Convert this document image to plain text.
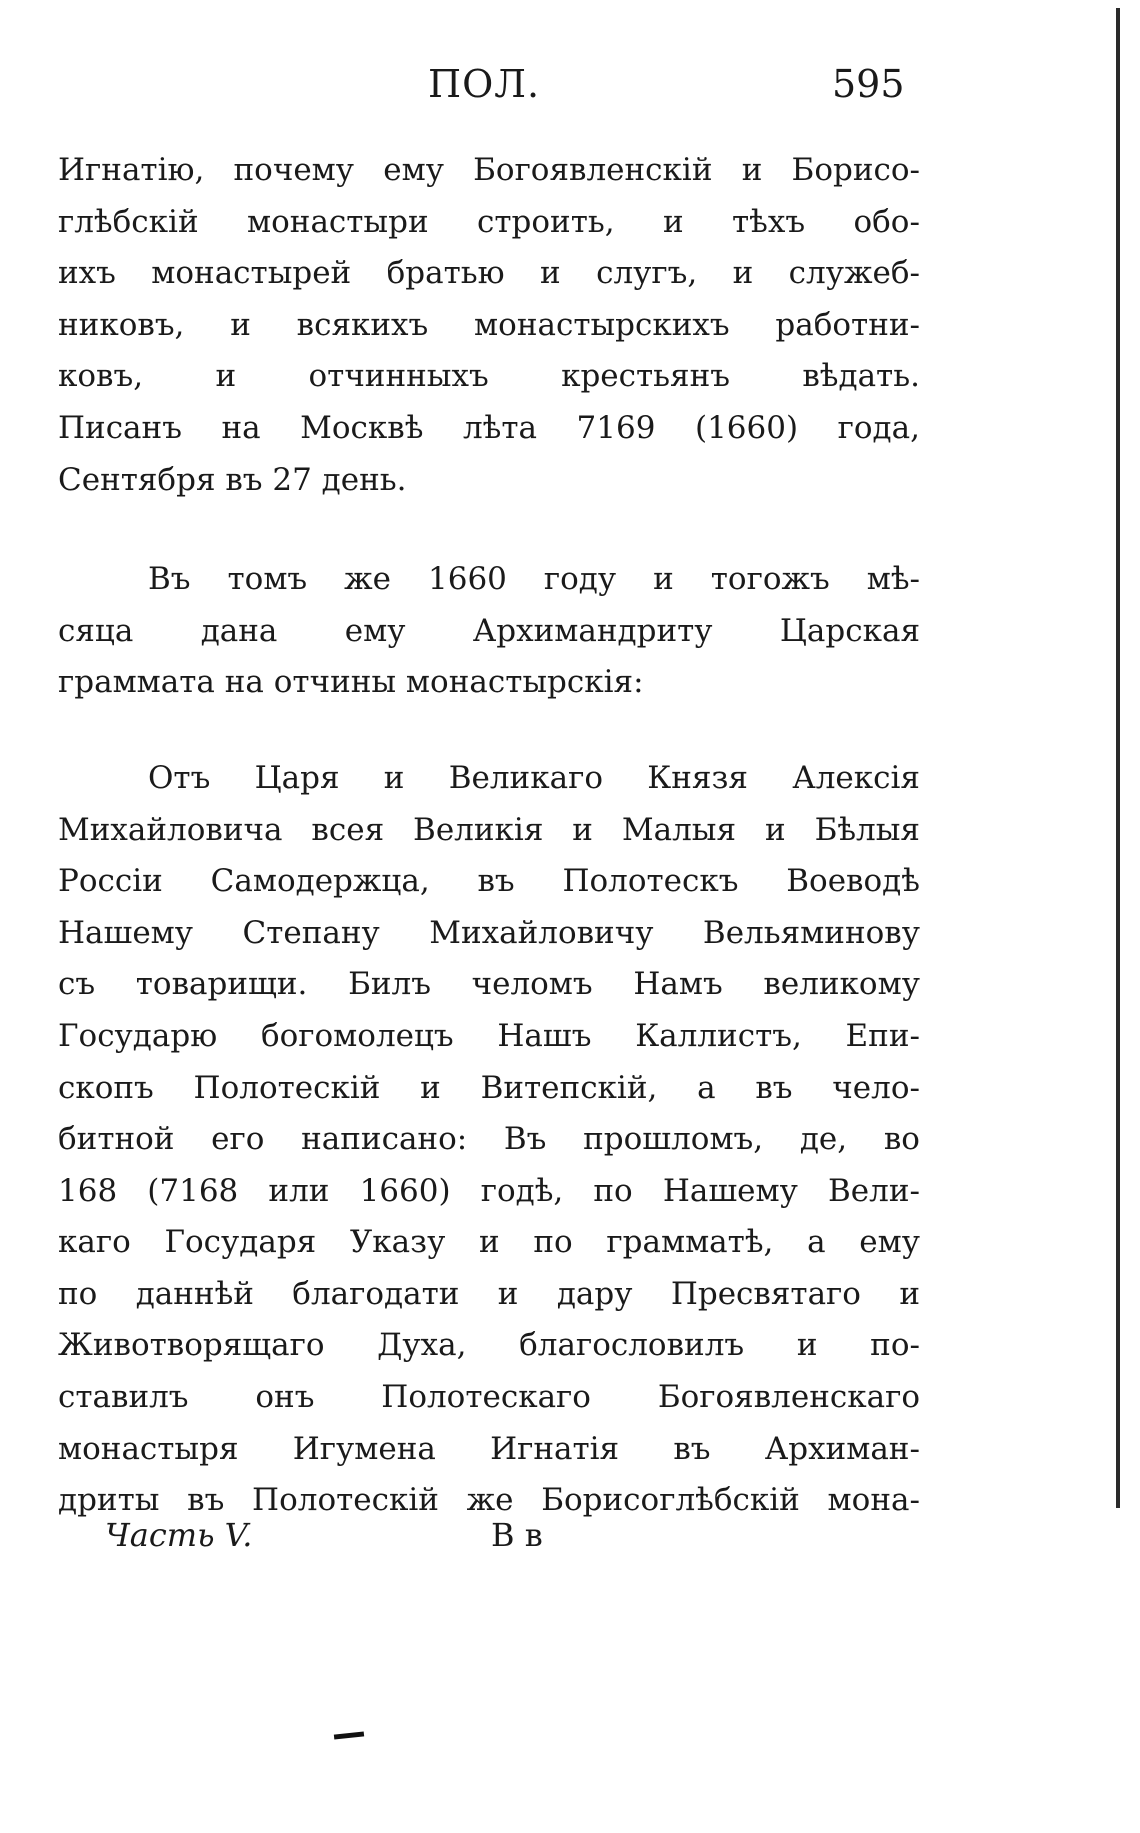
ПОЛ.	595
Игнатію, почему ему Богоявленскій и Борисо-
глѣбскій монастыри строить, и тѣхъ обо-
ихъ монастырей братью и слугъ, и служеб-
никовъ, и всякихъ монастырскихъ работни-
ковъ, и отчинныхъ крестьянъ вѣдать.
Писанъ на Москвѣ лѣта 7169 (1660) года,
Сентября въ 27 день.
Въ томъ же 1660 году и тогожъ мѣ-
сяца дана ему Архимандриту Царская
граммата на отчины монастырскія:
Отъ Царя и Великаго Князя Алексія
Михайловича всея Великія и Малыя и Бѣлыя
Россіи Самодержца, въ Полотескъ Воеводѣ
Нашему Степану Михайловичу Вельяминову
съ товарищи. Билъ челомъ Намъ великому
Государю богомолецъ Нашъ Каллистъ, Епи-
скопъ Полотескій и Витепскій, а въ чело-
битной его написано: Въ прошломъ, де, во
168 (7168 или 1660) годѣ, по Нашему Вели-
каго Государя Указу и по грамматѣ, а ему
по даннѣй благодати и дару Пресвятаго и
Животворящаго Духа, благословилъ и по-
ставилъ онъ Полотескаго Богоявленскаго
монастыря Игумена Игнатія въ Архиман-
дриты въ Полотескій же Борисоглѣбскій мона-
Часть V.	В в
